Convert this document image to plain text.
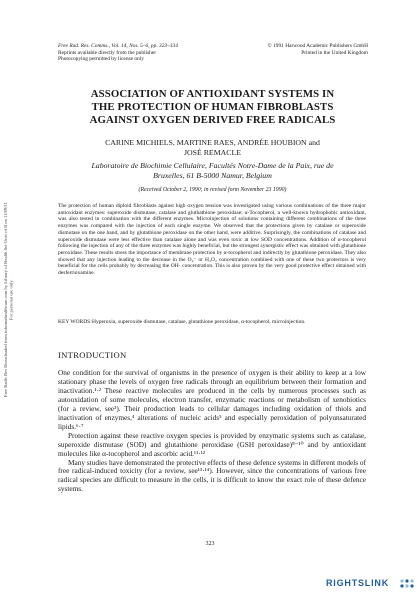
Free Radic Res Downloaded from informahealthcare.com by Library of Health Sci-Univ of Il on 11/09/11 For personal use only.
Free Rad. Res. Comms., Vol. 14, Nos. 5–6, pp. 323–334
Reprints available directly from the publisher
Photocopying permitted by license only
© 1991 Harwood Academic Publishers GmbH
Printed in the United Kingdom
ASSOCIATION OF ANTIOXIDANT SYSTEMS IN
THE PROTECTION OF HUMAN FIBROBLASTS
AGAINST OXYGEN DERIVED FREE RADICALS
CARINE MICHIELS, MARTINE RAES, ANDRÉE HOUBION and
JOSÉ REMACLE
Laboratoire de Biochimie Cellulaire, Facultés Notre-Dame de la Paix, rue de
Bruxelles, 61 B-5000 Namur, Belgium
(Received October 2, 1990; in revised form November 23 1990)
The protection of human diploid fibroblasts against high oxygen tension was investigated using various combinations of the three major antioxidant enzymes: superoxide dismutase, catalase and gluthathione peroxidase; α-Tocopherol, a well-known hydrophobic antioxidant, was also tested in combination with the different enzymes. Microinjection of solutions containing different combinations of the three enzymes was compared with the injection of each single enzyme. We observed that the protections given by catalase or superoxide dismutase on the one hand, and by glutathione peroxidase on the other hand, were additive. Surprisingly, the combinations of catalase and superoxide dismutase were less effective than catalase alone and was even toxic at low SOD concentrations. Addition of α-tocopherol following the injection of any of the three enzymes was highly beneficial, but the strongest synergistic effect was obtained with glutathione peroxidase. These results stress the importance of membrane protection by α-tocopherol and indirectly by glutathione peroxidase. They also showed that any injection leading to the decrease in the O₂⁻ or H₂O₂ concentration combined with one of these two protectors is very beneficial for the cells probably by decreasing the OH· concentration. This is also proven by the very good protective effect obtained with desferrioxamine.
KEY WORDS: Hyperoxia, superoxide dismutase, catalase, glutathione peroxidase, α-tocopherol, microinjection.
INTRODUCTION

One condition for the survival of organisms in the presence of oxygen is their ability to keep at a low stationary phase the levels of oxygen free radicals through an equilibrium between their formation and inactivation.¹·² These reactive molecules are produced in the cells by numerous processes such as autooxidation of some molecules, electron transfer, enzymatic reactions or metabolism of xenobiotics (for a review, see³). Their production leads to cellular damages including oxidation of thiols and inactivation of enzymes,⁴ alterations of nucleic acids⁵ and especially peroxidation of polyunsaturated lipids.⁶·⁷

Protection against these reactive oxygen species is provided by enzymatic systems such as catalase, superoxide dismutase (SOD) and glutathione peroxidase (GSH peroxidase)⁸⁻¹⁰ and by antioxidant molecules like α-tocopherol and ascorbic acid.¹¹·¹²

Many studies have demonstrated the protective effects of these defence systems in different models of free radical-induced toxicity (for a review, see¹³·¹⁴). However, since the concentrations of various free radical species are difficult to measure in the cells, it is difficult to know the exact role of these defence systems.

323
RIGHTSLINK
